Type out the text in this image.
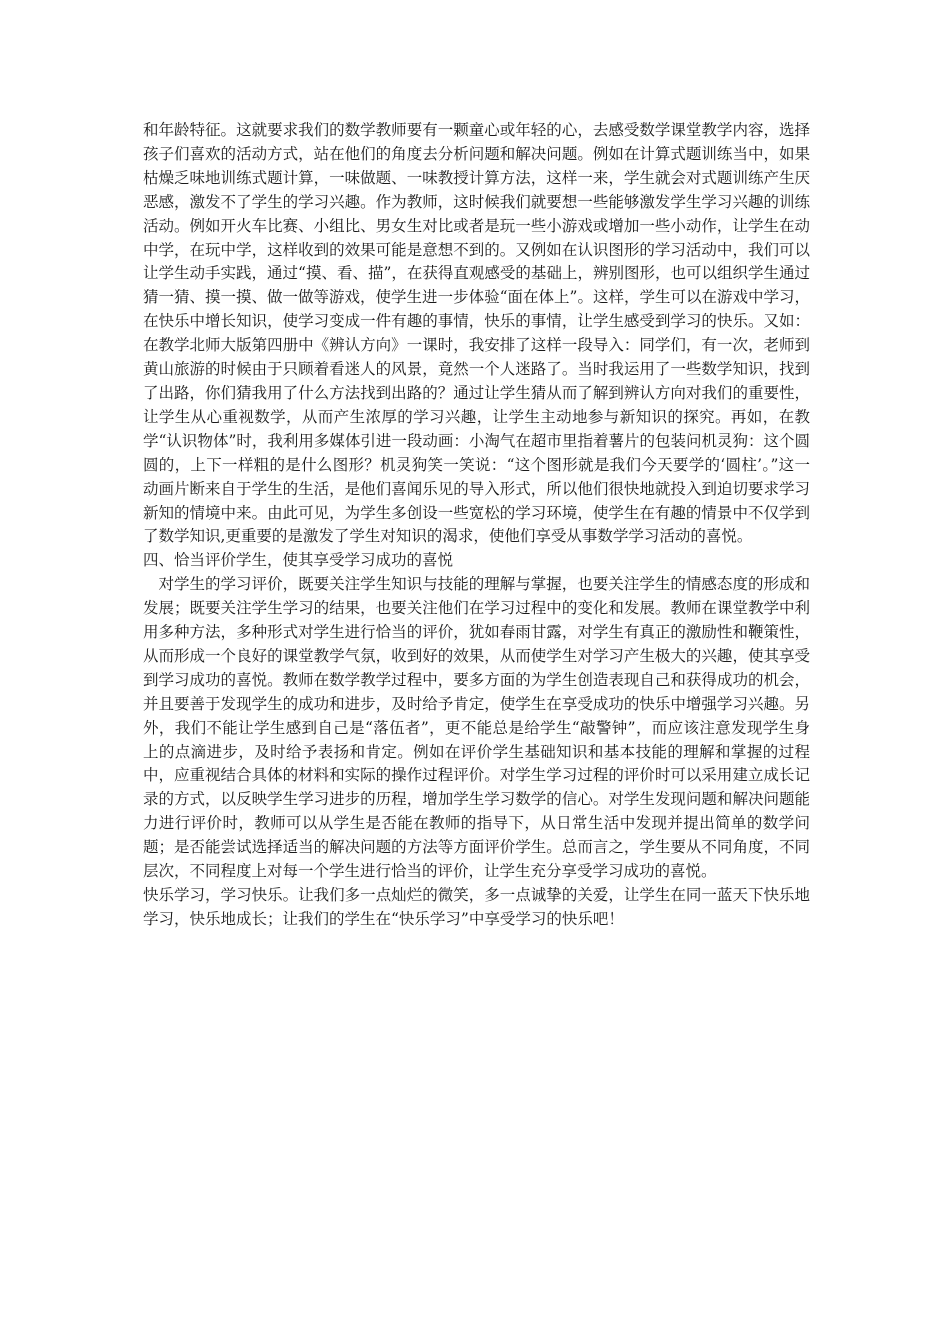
和年龄特征。这就要求我们的数学教师要有一颗童心或年轻的心，去感受数学课堂教学内容，选择孩子们喜欢的活动方式，站在他们的角度去分析问题和解决问题。例如在计算式题训练当中，如果枯燥乏味地训练式题计算，一味做题、一味教授计算方法，这样一来，学生就会对式题训练产生厌恶感，激发不了学生的学习兴趣。作为教师，这时候我们就要想一些能够激发学生学习兴趣的训练活动。例如开火车比赛、小组比、男女生对比或者是玩一些小游戏或增加一些小动作，让学生在动中学，在玩中学，这样收到的效果可能是意想不到的。又例如在认识图形的学习活动中，我们可以让学生动手实践，通过“摸、看、描”，在获得直观感受的基础上，辨别图形，也可以组织学生通过猜一猜、摸一摸、做一做等游戏，使学生进一步体验“面在体上”。这样，学生可以在游戏中学习，在快乐中增长知识，使学习变成一件有趣的事情，快乐的事情，让学生感受到学习的快乐。又如：在教学北师大版第四册中《辨认方向》一课时，我安排了这样一段导入：同学们，有一次，老师到黄山旅游的时候由于只顾着看迷人的风景，竟然一个人迷路了。当时我运用了一些数学知识，找到了出路，你们猜我用了什么方法找到出路的？通过让学生猜从而了解到辨认方向对我们的重要性，让学生从心重视数学，从而产生浓厚的学习兴趣，让学生主动地参与新知识的探究。再如，在教学“认识物体”时，我利用多媒体引进一段动画：小淘气在超市里指着薯片的包装问机灵狗：这个圆圆的，上下一样粗的是什么图形？机灵狗笑一笑说：“这个图形就是我们今天要学的‘圆柱’。”这一动画片断来自于学生的生活，是他们喜闻乐见的导入形式，所以他们很快地就投入到迫切要求学习新知的情境中来。由此可见，为学生多创设一些宽松的学习环境，使学生在有趣的情景中不仅学到了数学知识,更重要的是激发了学生对知识的渴求，使他们享受从事数学学习活动的喜悦。

四、恰当评价学生，使其享受学习成功的喜悦

对学生的学习评价，既要关注学生知识与技能的理解与掌握，也要关注学生的情感态度的形成和发展；既要关注学生学习的结果，也要关注他们在学习过程中的变化和发展。教师在课堂教学中利用多种方法，多种形式对学生进行恰当的评价，犹如春雨甘露，对学生有真正的激励性和鞭策性，从而形成一个良好的课堂教学气氛，收到好的效果，从而使学生对学习产生极大的兴趣，使其享受到学习成功的喜悦。教师在数学教学过程中，要多方面的为学生创造表现自己和获得成功的机会，并且要善于发现学生的成功和进步，及时给予肯定，使学生在享受成功的快乐中增强学习兴趣。另外，我们不能让学生感到自己是“落伍者”，更不能总是给学生“敲警钟”，而应该注意发现学生身上的点滴进步，及时给予表扬和肯定。例如在评价学生基础知识和基本技能的理解和掌握的过程中，应重视结合具体的材料和实际的操作过程评价。对学生学习过程的评价时可以采用建立成长记录的方式，以反映学生学习进步的历程，增加学生学习数学的信心。对学生发现问题和解决问题能力进行评价时，教师可以从学生是否能在教师的指导下，从日常生活中发现并提出简单的数学问题；是否能尝试选择适当的解决问题的方法等方面评价学生。总而言之，学生要从不同角度，不同层次，不同程度上对每一个学生进行恰当的评价，让学生充分享受学习成功的喜悦。

快乐学习，学习快乐。让我们多一点灿烂的微笑，多一点诚挚的关爱，让学生在同一蓝天下快乐地学习，快乐地成长；让我们的学生在“快乐学习”中享受学习的快乐吧！
